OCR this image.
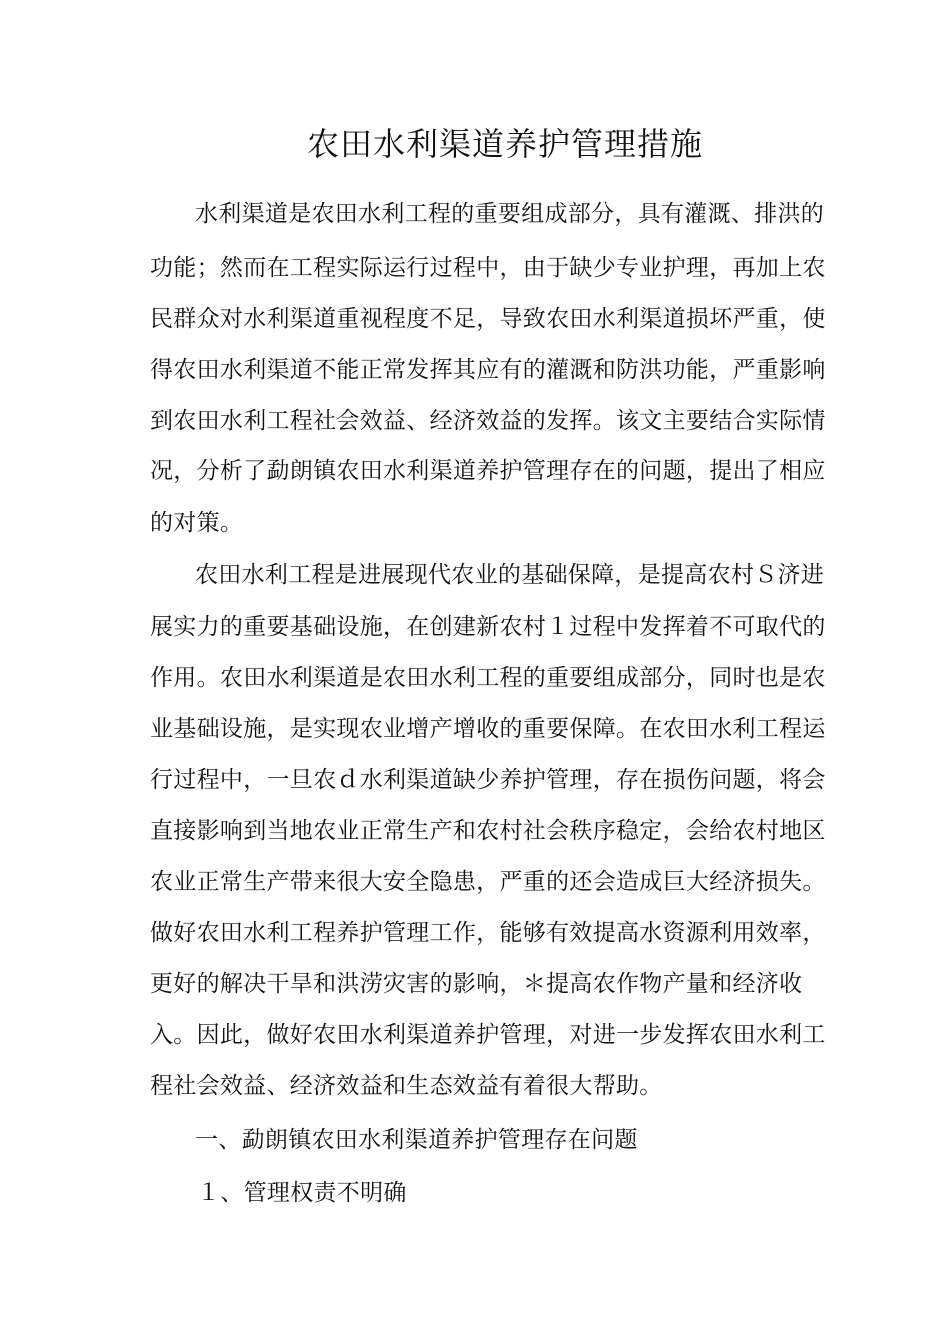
农田水利渠道养护管理措施

水利渠道是农田水利工程的重要组成部分，具有灌溉、排洪的

功能；然而在工程实际运行过程中，由于缺少专业护理，再加上农

民群众对水利渠道重视程度不足，导致农田水利渠道损坏严重，使

得农田水利渠道不能正常发挥其应有的灌溉和防洪功能，严重影响

到农田水利工程社会效益、经济效益的发挥。该文主要结合实际情

况，分析了勐朗镇农田水利渠道养护管理存在的问题，提出了相应

的对策。

农田水利工程是进展现代农业的基础保障，是提高农村Ｓ济进

展实力的重要基础设施，在创建新农村１过程中发挥着不可取代的

作用。农田水利渠道是农田水利工程的重要组成部分，同时也是农

业基础设施，是实现农业增产增收的重要保障。在农田水利工程运

行过程中，一旦农ｄ水利渠道缺少养护管理，存在损伤问题，将会

直接影响到当地农业正常生产和农村社会秩序稳定，会给农村地区

农业正常生产带来很大安全隐患，严重的还会造成巨大经济损失。

做好农田水利工程养护管理工作，能够有效提高水资源利用效率，

更好的解决干旱和洪涝灾害的影响，＊提高农作物产量和经济收

入。因此，做好农田水利渠道养护管理，对进一步发挥农田水利工

程社会效益、经济效益和生态效益有着很大帮助。

一、勐朗镇农田水利渠道养护管理存在问题

１、管理权责不明确
